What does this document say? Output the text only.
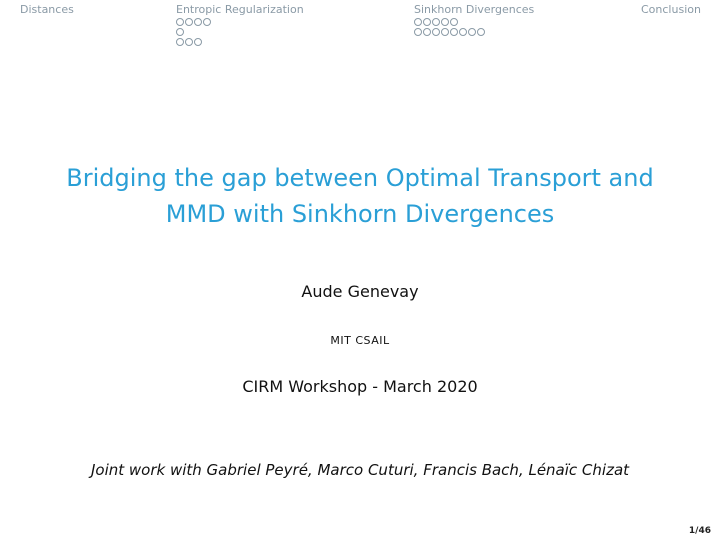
Distances	Entropic Regularization	Sinkhorn Divergences	Conclusion
Bridging the gap between Optimal Transport and
MMD with Sinkhorn Divergences
Aude Genevay
MIT CSAIL
CIRM Workshop - March 2020
Joint work with Gabriel Peyré, Marco Cuturi, Francis Bach, Lénaïc Chizat
1/46
